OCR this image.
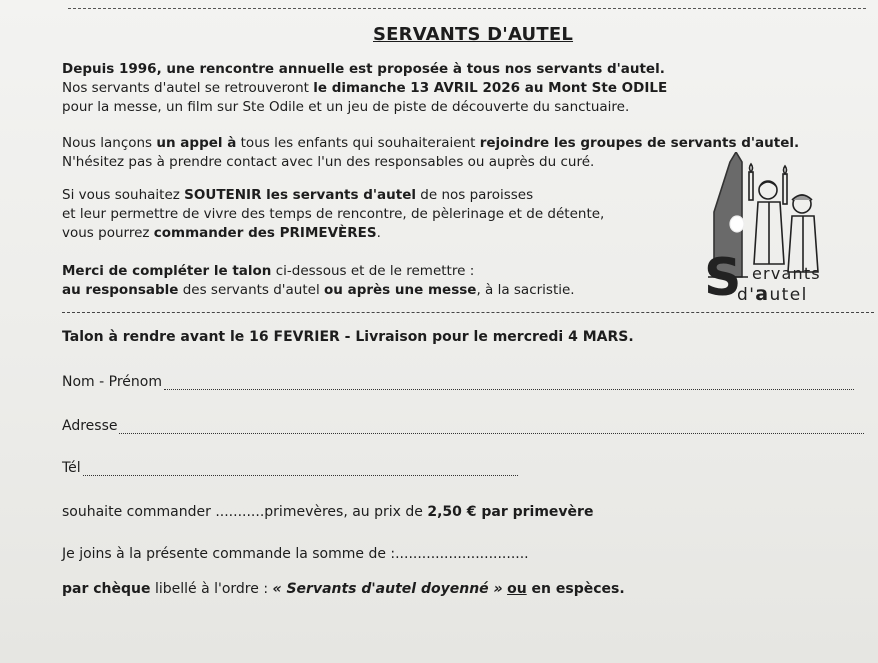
SERVANTS D'AUTEL
Depuis 1996, une rencontre annuelle est proposée à tous nos servants d'autel.
Nos servants d'autel se retrouveront le dimanche 13 AVRIL 2026 au Mont Ste ODILE
pour la messe, un film sur Ste Odile et un jeu de piste de découverte du sanctuaire.
Nous lançons un appel à tous les enfants qui souhaiteraient rejoindre les groupes de servants d'autel.
N'hésitez pas à prendre contact avec l'un des responsables ou auprès du curé.
Si vous souhaitez SOUTENIR les servants d'autel de nos paroisses
et leur permettre de vivre des temps de rencontre, de pèlerinage et de détente,
vous pourrez commander des PRIMEVÈRES.
Merci de compléter le talon ci-dessous et de le remettre :
au responsable des servants d'autel ou après une messe, à la sacristie. S ervants
d'autel
Talon à rendre avant le 16 FEVRIER - Livraison pour le mercredi 4 MARS.
Nom - Prénom
Adresse
Tél
souhaite commander ...........primevères, au prix de 2,50 € par primevère
Je joins à la présente commande la somme de :..............................
par chèque libellé à l'ordre : « Servants d'autel doyenné » ou en espèces.
